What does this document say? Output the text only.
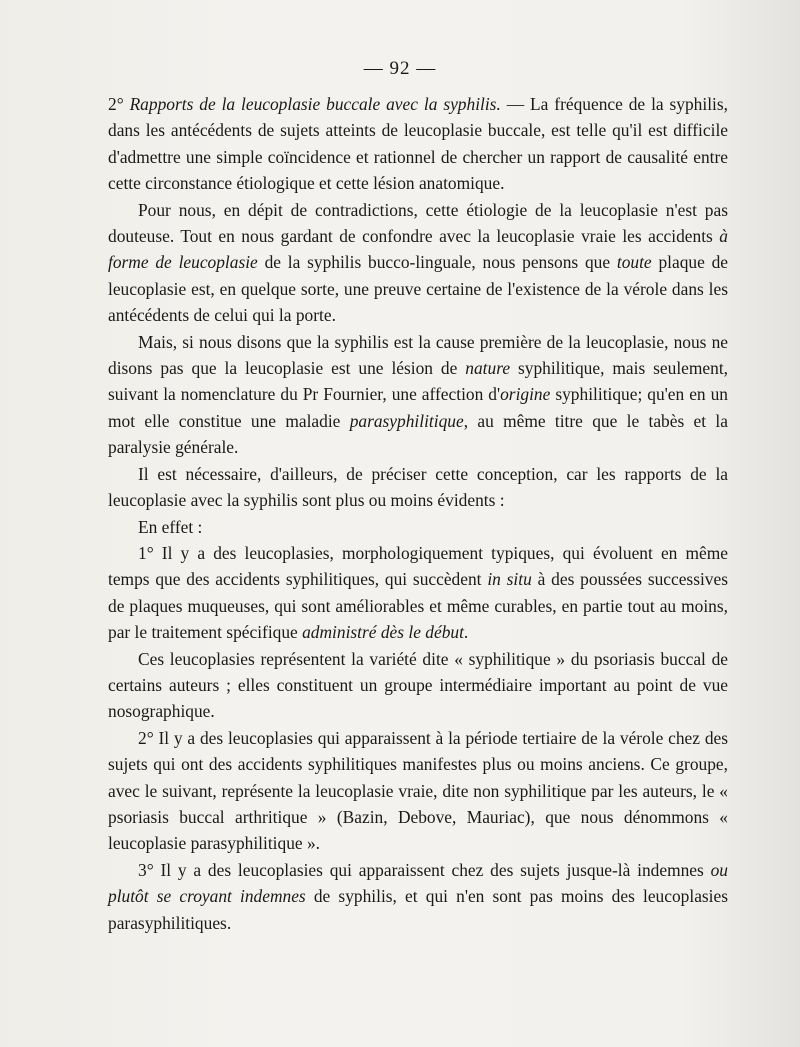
— 92 —

2° Rapports de la leucoplasie buccale avec la syphilis. — La fréquence de la syphilis, dans les antécédents de sujets atteints de leucoplasie buccale, est telle qu'il est difficile d'admettre une simple coïncidence et rationnel de chercher un rapport de causalité entre cette circonstance étiologique et cette lésion anatomique.

Pour nous, en dépit de contradictions, cette étiologie de la leucoplasie n'est pas douteuse. Tout en nous gardant de confondre avec la leucoplasie vraie les accidents à forme de leucoplasie de la syphilis bucco-linguale, nous pensons que toute plaque de leucoplasie est, en quelque sorte, une preuve certaine de l'existence de la vérole dans les antécédents de celui qui la porte.

Mais, si nous disons que la syphilis est la cause première de la leucoplasie, nous ne disons pas que la leucoplasie est une lésion de nature syphilitique, mais seulement, suivant la nomenclature du Pr Fournier, une affection d'origine syphilitique; qu'en en un mot elle constitue une maladie parasyphilitique, au même titre que le tabès et la paralysie générale.

Il est nécessaire, d'ailleurs, de préciser cette conception, car les rapports de la leucoplasie avec la syphilis sont plus ou moins évidents :

En effet :

1° Il y a des leucoplasies, morphologiquement typiques, qui évoluent en même temps que des accidents syphilitiques, qui succèdent in situ à des poussées successives de plaques muqueuses, qui sont améliorables et même curables, en partie tout au moins, par le traitement spécifique administré dès le début.

Ces leucoplasies représentent la variété dite « syphilitique » du psoriasis buccal de certains auteurs ; elles constituent un groupe intermédiaire important au point de vue nosographique.

2° Il y a des leucoplasies qui apparaissent à la période tertiaire de la vérole chez des sujets qui ont des accidents syphilitiques manifestes plus ou moins anciens. Ce groupe, avec le suivant, représente la leucoplasie vraie, dite non syphilitique par les auteurs, le « psoriasis buccal arthritique » (Bazin, Debove, Mauriac), que nous dénommons « leucoplasie parasyphilitique ».

3° Il y a des leucoplasies qui apparaissent chez des sujets jusque-là indemnes ou plutôt se croyant indemnes de syphilis, et qui n'en sont pas moins des leucoplasies parasyphilitiques.
